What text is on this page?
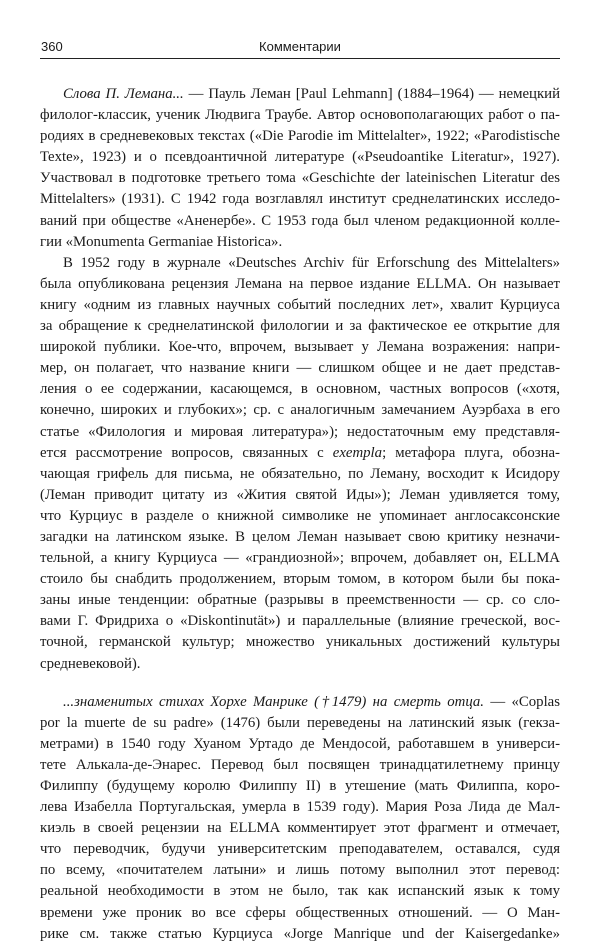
360	Комментарии
Слова П. Лемана... — Пауль Леман [Paul Lehmann] (1884–1964) — немецкий
филолог-классик, ученик Людвига Траубе. Автор основополагающих работ о па-
родиях в средневековых текстах («Die Parodie im Mittelalter», 1922; «Parodistische
Texte», 1923) и о псевдоантичной литературе («Pseudoantike Literatur», 1927).
Участвовал в подготовке третьего тома «Geschichte der lateinischen Literatur des
Mittelalters» (1931). С 1942 года возглавлял институт среднелатинских исследо-
ваний при обществе «Аненербе». С 1953 года был членом редакционной колле-
гии «Monumenta Germaniae Historica».
В 1952 году в журнале «Deutsches Archiv für Erforschung des Mittelalters»
была опубликована рецензия Лемана на первое издание ELLMA. Он называет
книгу «одним из главных научных событий последних лет», хвалит Курциуса
за обращение к среднелатинской филологии и за фактическое ее открытие для
широкой публики. Кое-что, впрочем, вызывает у Лемана возражения: напри-
мер, он полагает, что название книги — слишком общее и не дает представ-
ления о ее содержании, касающемся, в основном, частных вопросов («хотя,
конечно, широких и глубоких»; ср. с аналогичным замечанием Ауэрбаха в его
статье «Филология и мировая литература»); недостаточным ему представля-
ется рассмотрение вопросов, связанных с exempla; метафора плуга, обозна-
чающая грифель для письма, не обязательно, по Леману, восходит к Исидору
(Леман приводит цитату из «Жития святой Иды»); Леман удивляется тому,
что Курциус в разделе о книжной символике не упоминает англосаксонские
загадки на латинском языке. В целом Леман называет свою критику незначи-
тельной, а книгу Курциуса — «грандиозной»; впрочем, добавляет он, ELLMA
стоило бы снабдить продолжением, вторым томом, в котором были бы пока-
заны иные тенденции: обратные (разрывы в преемственности — ср. со сло-
вами Г. Фридриха о «Diskontinutät») и параллельные (влияние греческой, вос-
точной, германской культур; множество уникальных достижений культуры
средневековой).
...знаменитых стихах Хорхе Манрике (†1479) на смерть отца. — «Coplas
por la muerte de su padre» (1476) были переведены на латинский язык (гекза-
метрами) в 1540 году Хуаном Уртадо де Мендосой, работавшем в универси-
тете Алькала-де-Энарес. Перевод был посвящен тринадцатилетнему принцу
Филиппу (будущему королю Филиппу II) в утешение (мать Филиппа, коро-
лева Изабелла Португальская, умерла в 1539 году). Мария Роза Лида де Мал-
киэль в своей рецензии на ELLMA комментирует этот фрагмент и отмечает,
что переводчик, будучи университетским преподавателем, оставался, судя
по всему, «почитателем латыни» и лишь потому выполнил этот перевод:
реальной необходимости в этом не было, так как испанский язык к тому
времени уже проник во все сферы общественных отношений. — О Ман-
рике см. также статью Курциуса «Jorge Manrique und der Kaisergedanke»
